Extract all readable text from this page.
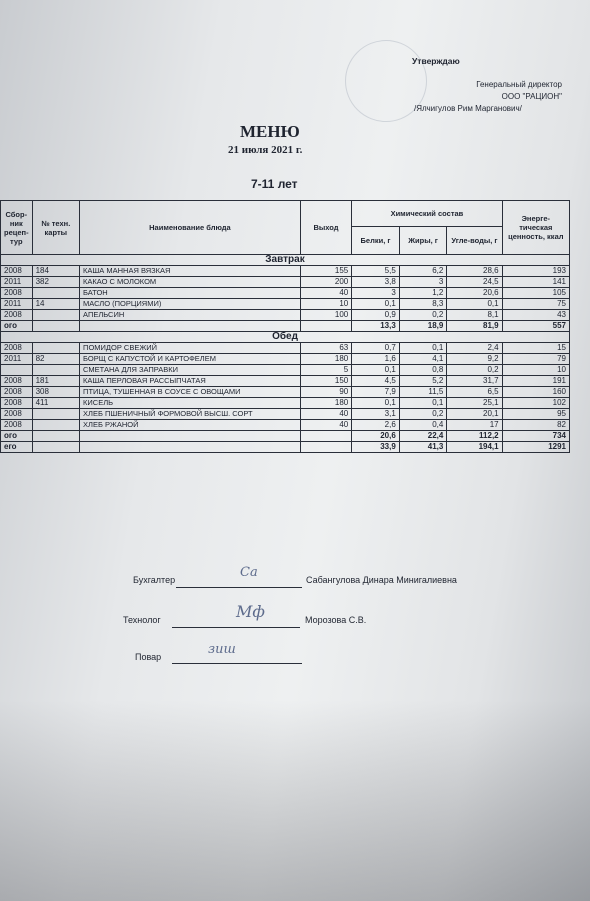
Утверждаю
Генеральный директор
ООО "РАЦИОН"
/Ялчигулов Рим Марганович/
МЕНЮ
21 июля 2021 г.
7-11 лет
Сбор-ник рецеп-тур	№ техн. карты	Наименование блюда	Выход	Химический состав			Энерге-тическая ценность, ккал
				Белки, г	Жиры, г	Угле-воды, г	
Завтрак							
2008	184	КАША МАННАЯ ВЯЗКАЯ	155	5,5	6,2	28,6	193
2011	382	КАКАО С МОЛОКОМ	200	3,8	3	24,5	141
2008		БАТОН	40	3	1,2	20,6	105
2011	14	МАСЛО (ПОРЦИЯМИ)	10	0,1	8,3	0,1	75
2008		АПЕЛЬСИН	100	0,9	0,2	8,1	43
ого				13,3	18,9	81,9	557
Обед							
2008		ПОМИДОР СВЕЖИЙ	63	0,7	0,1	2,4	15
2011	82	БОРЩ С КАПУСТОЙ И КАРТОФЕЛЕМ	180	1,6	4,1	9,2	79
		СМЕТАНА ДЛЯ ЗАПРАВКИ	5	0,1	0,8	0,2	10
2008	181	КАША ПЕРЛОВАЯ РАССЫПЧАТАЯ	150	4,5	5,2	31,7	191
2008	308	ПТИЦА, ТУШЕННАЯ В СОУСЕ С ОВОЩАМИ	90	7,9	11,5	6,5	160
2008	411	КИСЕЛЬ	180	0,1	0,1	25,1	102
2008		ХЛЕБ ПШЕНИЧНЫЙ ФОРМОВОЙ ВЫСШ. СОРТ	40	3,1	0,2	20,1	95
2008		ХЛЕБ РЖАНОЙ	40	2,6	0,4	17	82
ого				20,6	22,4	112,2	734
его				33,9	41,3	194,1	1291
Бухгалтер	Са	Сабангулова Динара Минигалиевна
Технолог	Мф	Морозова С.В.
Повар	зиш
